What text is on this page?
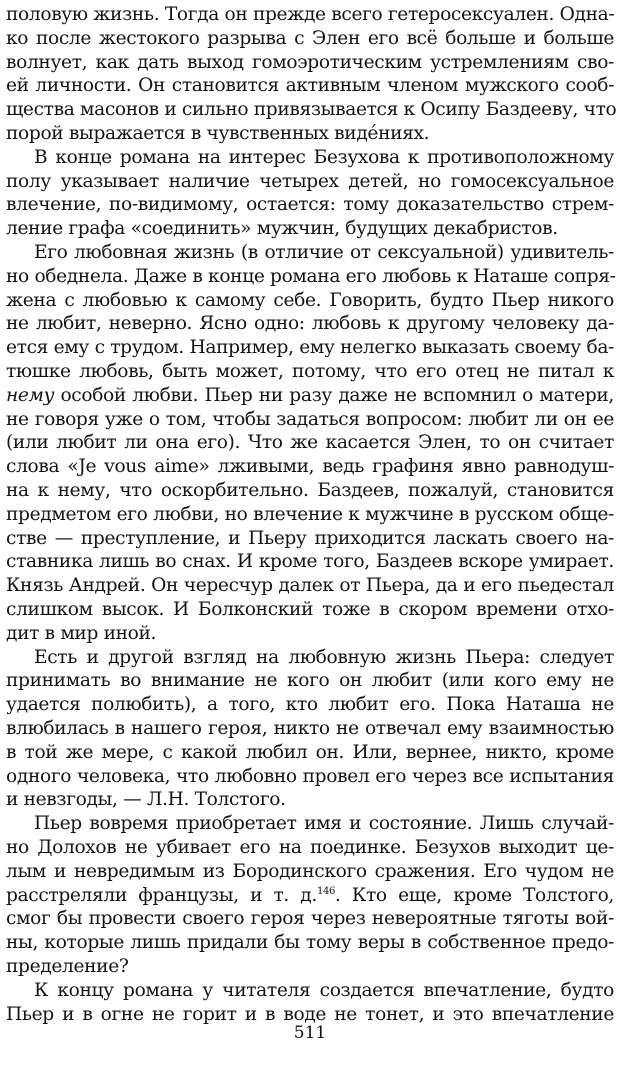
половую жизнь. Тогда он прежде всего гетеросексуален. Одна-
ко после жестокого разрыва с Элен его всё больше и больше
волнует, как дать выход гомоэротическим устремлениям сво-
ей личности. Он становится активным членом мужского сооб-
щества масонов и сильно привязывается к Осипу Баздееву, что
порой выражается в чувственных видéниях.
В конце романа на интерес Безухова к противоположному
полу указывает наличие четырех детей, но гомосексуальное
влечение, по-видимому, остается: тому доказательство стрем-
ление графа «соединить» мужчин, будущих декабристов.
Его любовная жизнь (в отличие от сексуальной) удивитель-
но обеднела. Даже в конце романа его любовь к Наташе сопря-
жена с любовью к самому себе. Говорить, будто Пьер никого
не любит, неверно. Ясно одно: любовь к другому человеку да-
ется ему с трудом. Например, ему нелегко выказать своему ба-
тюшке любовь, быть может, потому, что его отец не питал к
нему особой любви. Пьер ни разу даже не вспомнил о матери,
не говоря уже о том, чтобы задаться вопросом: любит ли он ее
(или любит ли она его). Что же касается Элен, то он считает
слова «Je vous aime» лживыми, ведь графиня явно равнодуш-
на к нему, что оскорбительно. Баздеев, пожалуй, становится
предметом его любви, но влечение к мужчине в русском обще-
стве — преступление, и Пьеру приходится ласкать своего на-
ставника лишь во снах. И кроме того, Баздеев вскоре умирает.
Князь Андрей. Он чересчур далек от Пьера, да и его пьедестал
слишком высок. И Болконский тоже в скором времени отхо-
дит в мир иной.
Есть и другой взгляд на любовную жизнь Пьера: следует
принимать во внимание не кого он любит (или кого ему не
удается полюбить), а того, кто любит его. Пока Наташа не
влюбилась в нашего героя, никто не отвечал ему взаимностью
в той же мере, с какой любил он. Или, вернее, никто, кроме
одного человека, что любовно провел его через все испытания
и невзгоды, — Л.Н. Толстого.
Пьер вовремя приобретает имя и состояние. Лишь случай-
но Долохов не убивает его на поединке. Безухов выходит це-
лым и невредимым из Бородинского сражения. Его чудом не
расстреляли французы, и т. д.$^{146}$. Кто еще, кроме Толстого,
смог бы провести своего героя через невероятные тяготы вой-
ны, которые лишь придали бы тому веры в собственное предо-
пределение?
К концу романа у читателя создается впечатление, будто
Пьер и в огне не горит и в воде не тонет, и это впечатление
511
